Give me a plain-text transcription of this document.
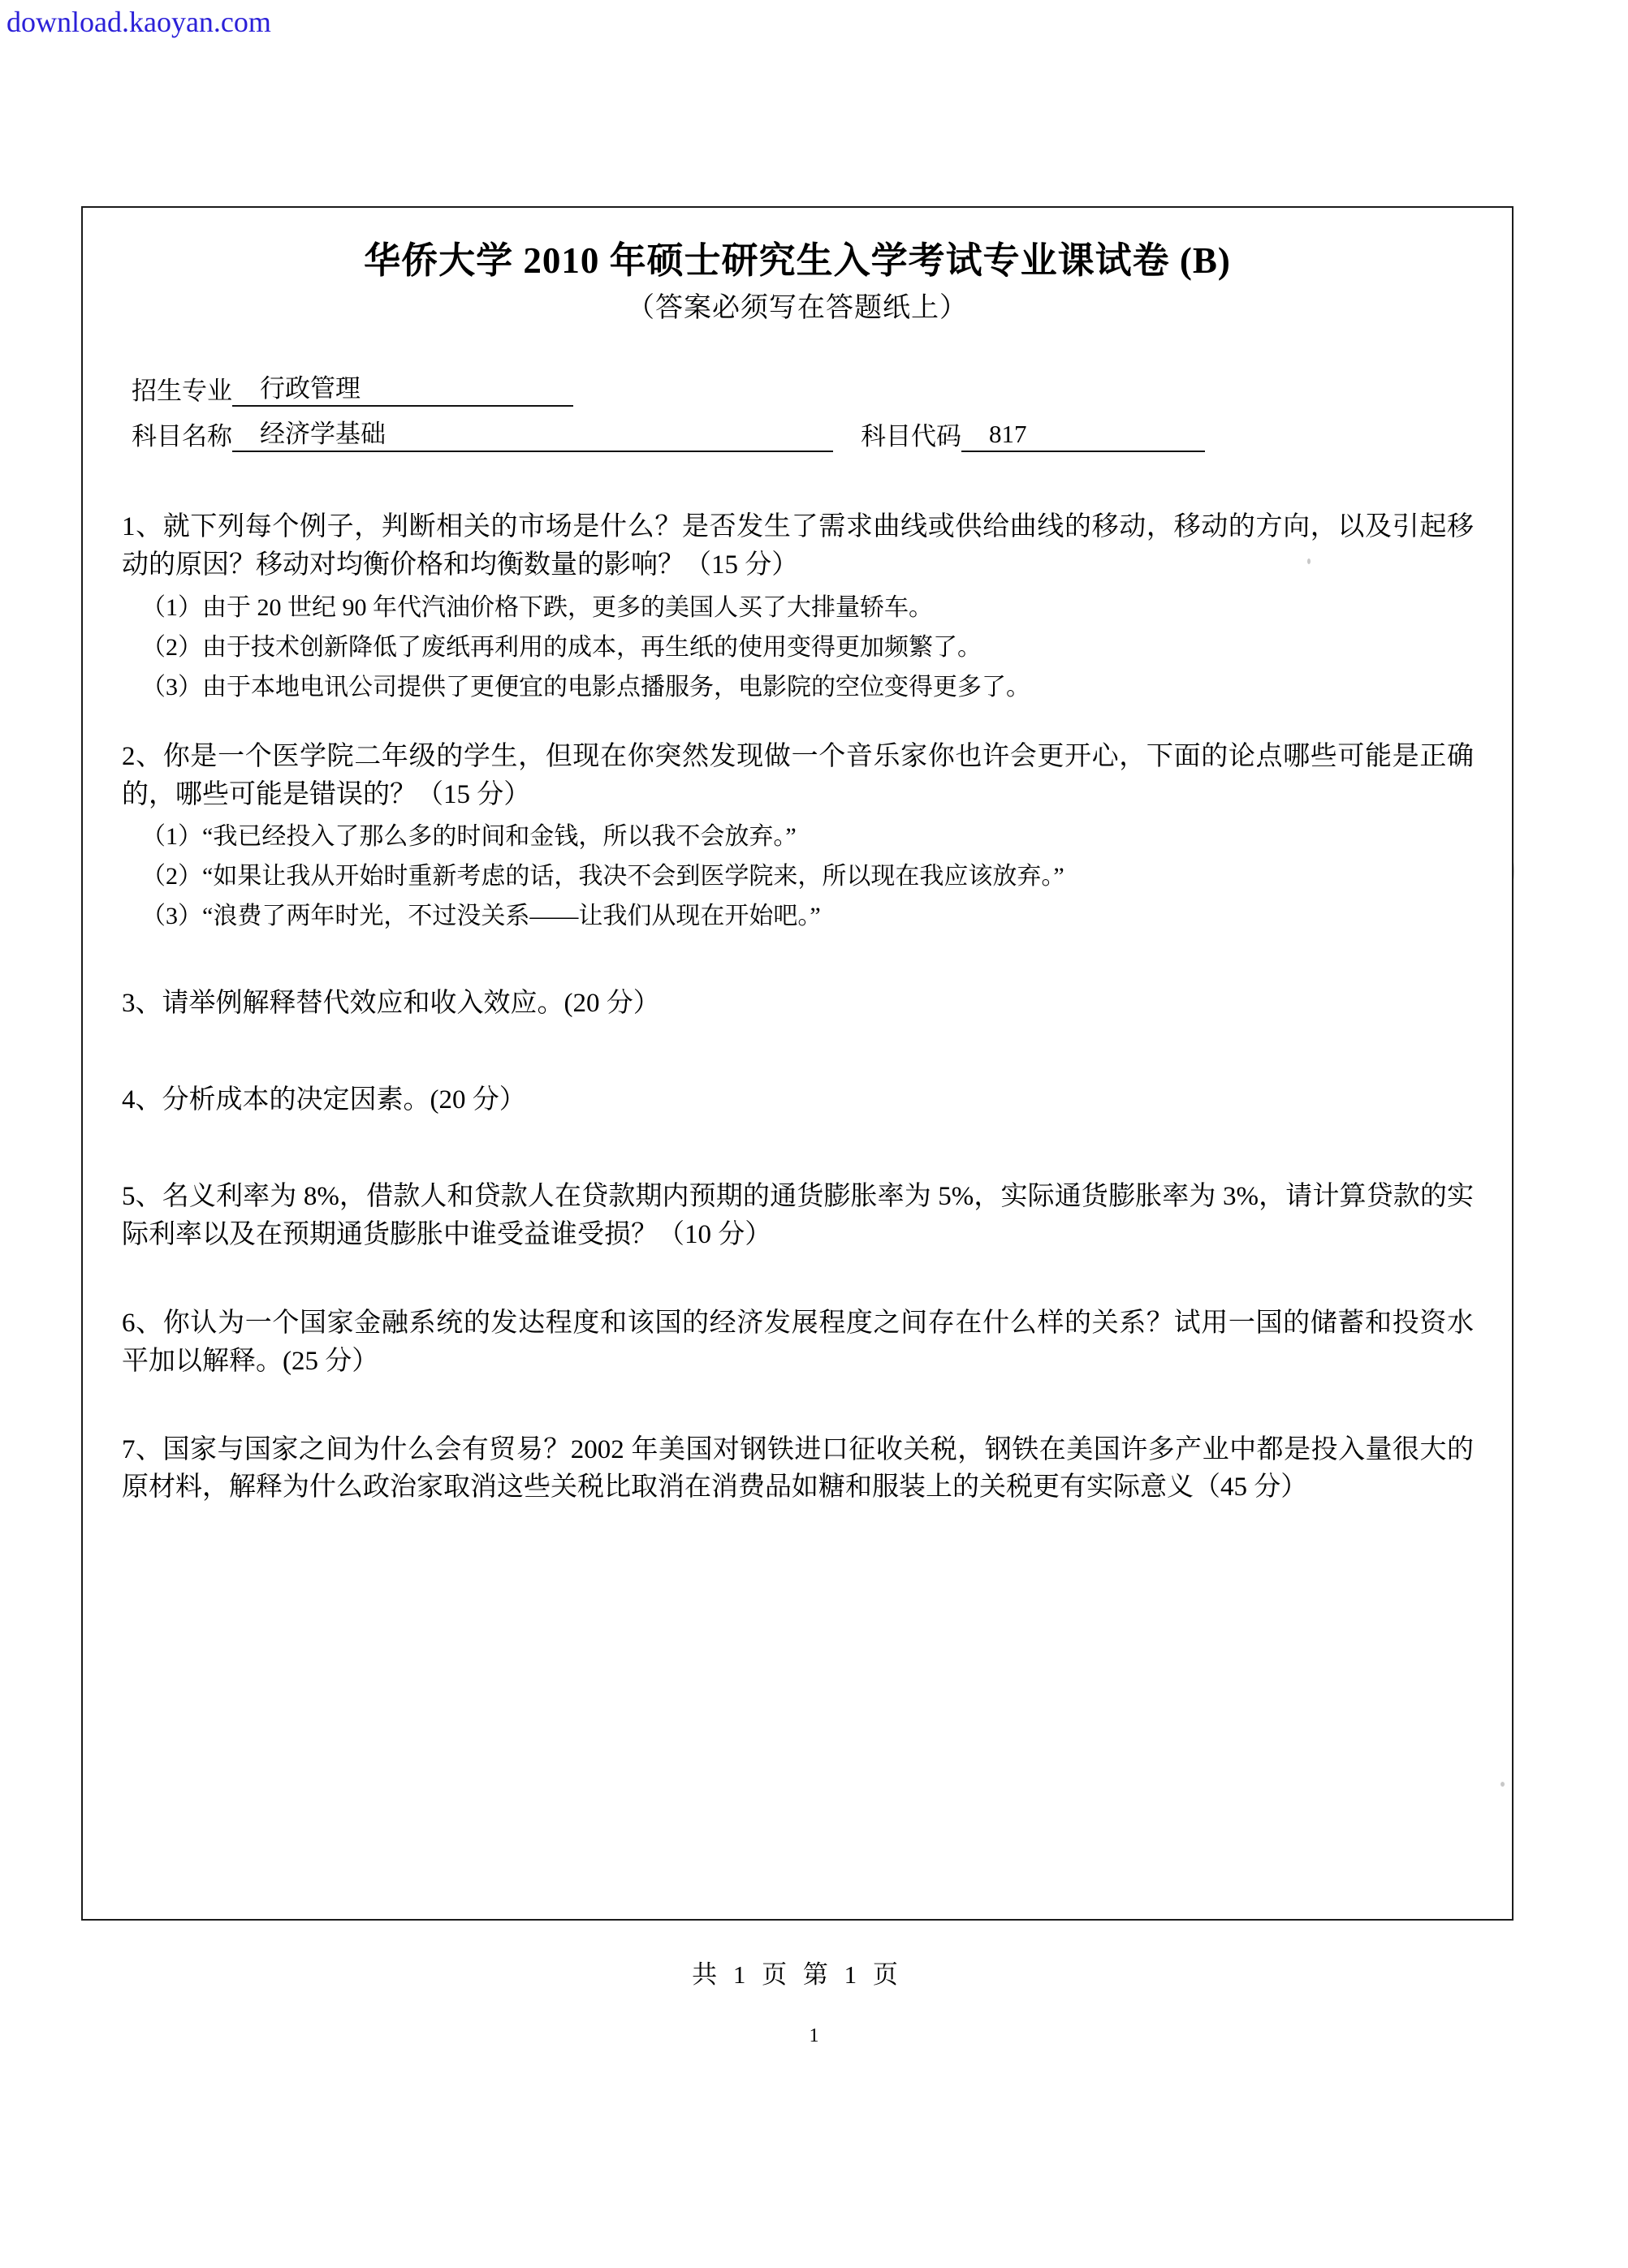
download.kaoyan.com
华侨大学 2010 年硕士研究生入学考试专业课试卷 (B)
（答案必须写在答题纸上）
招生专业 行政管理
科目名称 经济学基础	科目代码 817
1、就下列每个例子，判断相关的市场是什么？是否发生了需求曲线或供给曲线的移动，移动的方向，以及引起移动的原因？移动对均衡价格和均衡数量的影响？（15 分）
（1）由于 20 世纪 90 年代汽油价格下跌，更多的美国人买了大排量轿车。
（2）由于技术创新降低了废纸再利用的成本，再生纸的使用变得更加频繁了。
（3）由于本地电讯公司提供了更便宜的电影点播服务，电影院的空位变得更多了。
2、你是一个医学院二年级的学生，但现在你突然发现做一个音乐家你也许会更开心，下面的论点哪些可能是正确的，哪些可能是错误的？（15 分）
（1）“我已经投入了那么多的时间和金钱，所以我不会放弃。”
（2）“如果让我从开始时重新考虑的话，我决不会到医学院来，所以现在我应该放弃。”
（3）“浪费了两年时光，不过没关系——让我们从现在开始吧。”
3、请举例解释替代效应和收入效应。(20 分）
4、分析成本的决定因素。(20 分）
5、名义利率为 8%，借款人和贷款人在贷款期内预期的通货膨胀率为 5%，实际通货膨胀率为 3%，请计算贷款的实际利率以及在预期通货膨胀中谁受益谁受损？（10 分）
6、你认为一个国家金融系统的发达程度和该国的经济发展程度之间存在什么样的关系？试用一国的储蓄和投资水平加以解释。(25 分）
7、国家与国家之间为什么会有贸易？2002 年美国对钢铁进口征收关税，钢铁在美国许多产业中都是投入量很大的原材料，解释为什么政治家取消这些关税比取消在消费品如糖和服装上的关税更有实际意义（45 分）
共 1 页 第 1 页
1
